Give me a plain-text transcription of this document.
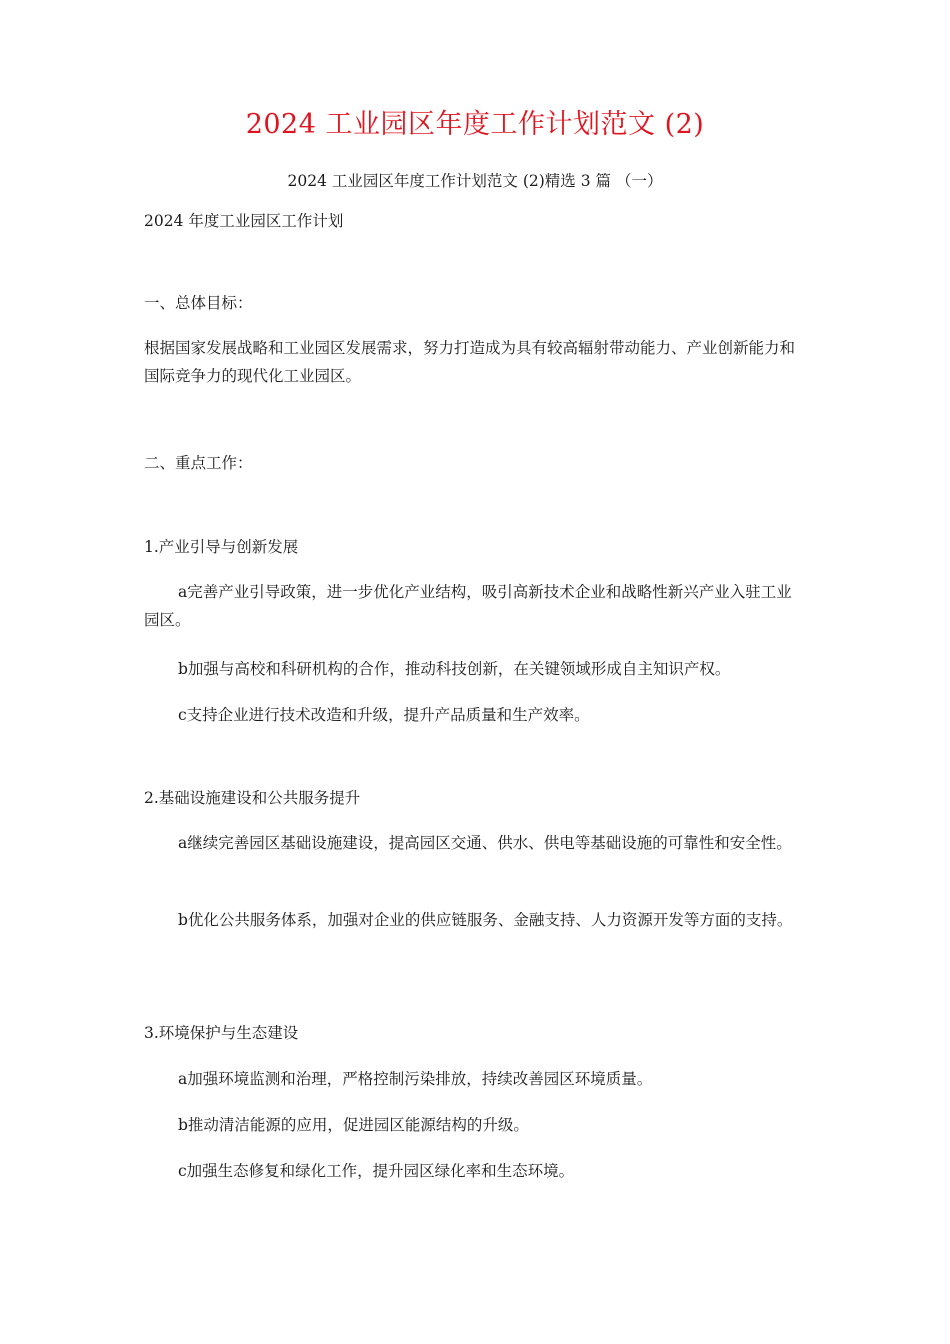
2024 工业园区年度工作计划范文 (2)
2024 工业园区年度工作计划范文 (2)精选 3 篇 （一）
2024 年度工业园区工作计划
一、总体目标：
根据国家发展战略和工业园区发展需求，努力打造成为具有较高辐射带动能力、产业创新能力和国际竞争力的现代化工业园区。
二、重点工作：
1.产业引导与创新发展
a完善产业引导政策，进一步优化产业结构，吸引高新技术企业和战略性新兴产业入驻工业园区。
b加强与高校和科研机构的合作，推动科技创新，在关键领域形成自主知识产权。
c支持企业进行技术改造和升级，提升产品质量和生产效率。
2.基础设施建设和公共服务提升
a继续完善园区基础设施建设，提高园区交通、供水、供电等基础设施的可靠性和安全性。
b优化公共服务体系，加强对企业的供应链服务、金融支持、人力资源开发等方面的支持。
3.环境保护与生态建设
a加强环境监测和治理，严格控制污染排放，持续改善园区环境质量。
b推动清洁能源的应用，促进园区能源结构的升级。
c加强生态修复和绿化工作，提升园区绿化率和生态环境。
